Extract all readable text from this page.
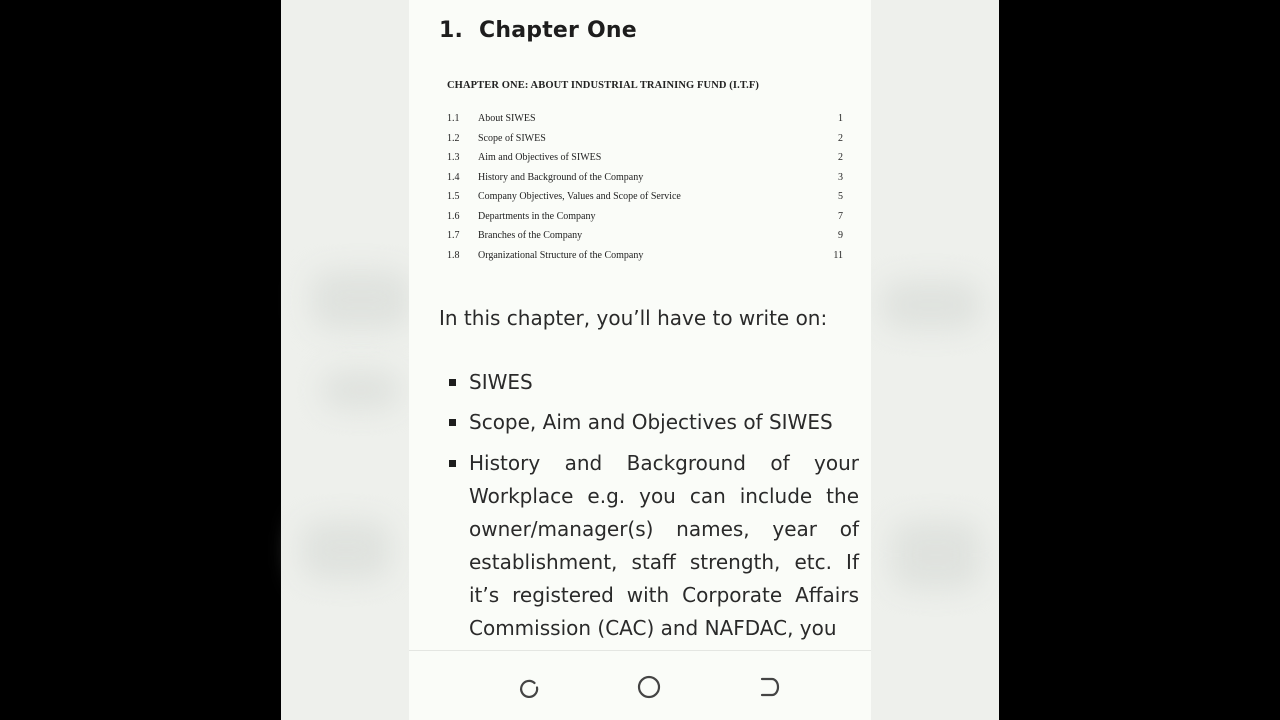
1. Chapter One
CHAPTER ONE: ABOUT INDUSTRIAL TRAINING FUND (I.T.F)
1.1 About SIWES	1
1.2 Scope of SIWES	2
1.3 Aim and Objectives of SIWES	2
1.4 History and Background of the Company	3
1.5 Company Objectives, Values and Scope of Service	5
1.6 Departments in the Company	7
1.7 Branches of the Company	9
1.8 Organizational Structure of the Company	11
In this chapter, you’ll have to write on:
SIWES
Scope, Aim and Objectives of SIWES
History and Background of your Workplace e.g. you can include the owner/manager(s) names, year of establishment, staff strength, etc. If it’s registered with Corporate Affairs Commission (CAC) and NAFDAC, you
